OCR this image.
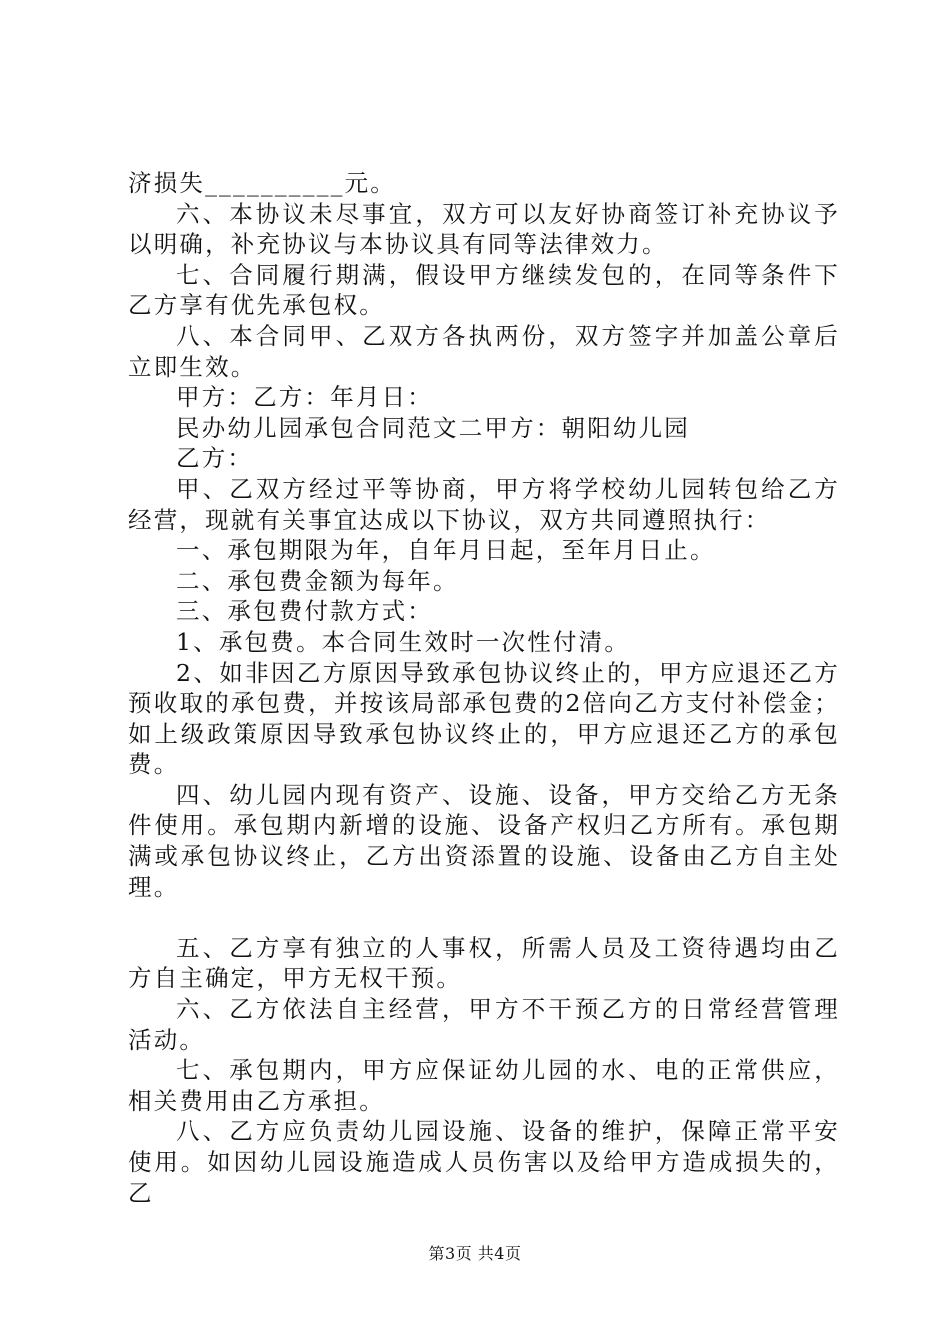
济损失__________元。

六、本协议未尽事宜，双方可以友好协商签订补充协议予以明确，补充协议与本协议具有同等法律效力。

七、合同履行期满，假设甲方继续发包的，在同等条件下乙方享有优先承包权。

八、本合同甲、乙双方各执两份，双方签字并加盖公章后立即生效。

甲方：乙方：年月日：

民办幼儿园承包合同范文二甲方：朝阳幼儿园

乙方：

甲、乙双方经过平等协商，甲方将学校幼儿园转包给乙方经营，现就有关事宜达成以下协议，双方共同遵照执行：

一、承包期限为年，自年月日起，至年月日止。

二、承包费金额为每年。

三、承包费付款方式：

1、承包费。本合同生效时一次性付清。

2、如非因乙方原因导致承包协议终止的，甲方应退还乙方预收取的承包费，并按该局部承包费的2倍向乙方支付补偿金；如上级政策原因导致承包协议终止的，甲方应退还乙方的承包费。

四、幼儿园内现有资产、设施、设备，甲方交给乙方无条件使用。承包期内新增的设施、设备产权归乙方所有。承包期满或承包协议终止，乙方出资添置的设施、设备由乙方自主处理。

五、乙方享有独立的人事权，所需人员及工资待遇均由乙方自主确定，甲方无权干预。

六、乙方依法自主经营，甲方不干预乙方的日常经营管理活动。

七、承包期内，甲方应保证幼儿园的水、电的正常供应，相关费用由乙方承担。

八、乙方应负责幼儿园设施、设备的维护，保障正常平安使用。如因幼儿园设施造成人员伤害以及给甲方造成损失的，乙

第3页 共4页
